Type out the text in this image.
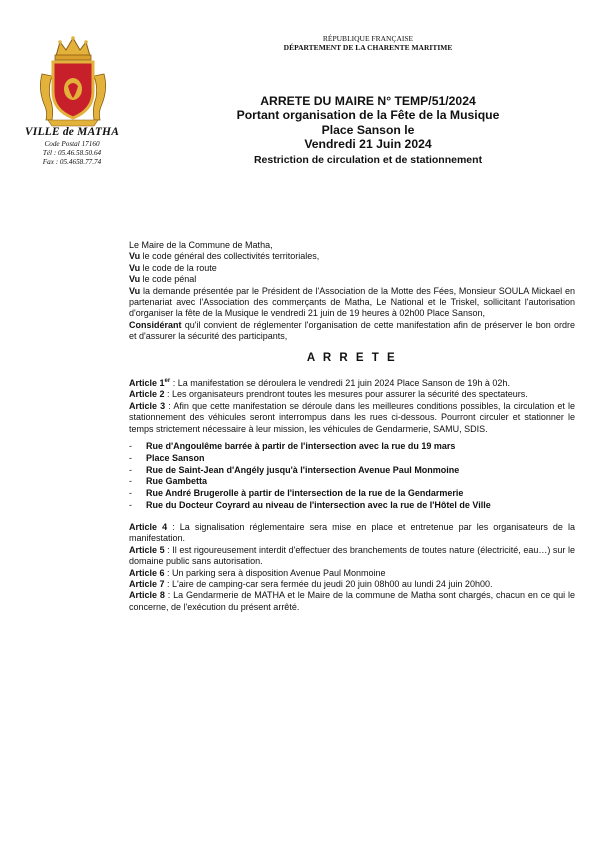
VILLE de MATHA
Code Postal 17160
Tél : 05.46.58.50.64
Fax : 05.4658.77.74
RÉPUBLIQUE FRANÇAISE
DÉPARTEMENT DE LA CHARENTE MARITIME
ARRETE DU MAIRE N° TEMP/51/2024
Portant organisation de la Fête de la Musique
Place Sanson le
Vendredi 21 Juin 2024
Restriction de circulation et de stationnement

Le Maire de la Commune de Matha,

Vu le code général des collectivités territoriales,

Vu le code de la route

Vu le code pénal

Vu la demande présentée par le Président de l'Association de la Motte des Fées, Monsieur SOULA Mickael en partenariat avec l'Association des commerçants de Matha, Le National et le Triskel, sollicitant l'autorisation d'organiser la fête de la Musique le vendredi 21 juin de 19 heures à 02h00 Place Sanson,

Considérant qu'il convient de réglementer l'organisation de cette manifestation afin de préserver le bon ordre et d'assurer la sécurité des participants,

A R R E T E

Article 1er : La manifestation se déroulera le vendredi 21 juin 2024 Place Sanson de 19h à 02h.

Article 2 : Les organisateurs prendront toutes les mesures pour assurer la sécurité des spectateurs.

Article 3 : Afin que cette manifestation se déroule dans les meilleures conditions possibles, la circulation et le stationnement des véhicules seront interrompus dans les rues ci-dessous. Pourront circuler et stationner le temps strictement nécessaire à leur mission, les véhicules de Gendarmerie, SAMU, SDIS.

- Rue d'Angoulême barrée à partir de l'intersection avec la rue du 19 mars
- Place Sanson
- Rue de Saint-Jean d'Angély jusqu'à l'intersection Avenue Paul Monmoine
- Rue Gambetta
- Rue André Brugerolle à partir de l'intersection de la rue de la Gendarmerie
- Rue du Docteur Coyrard au niveau de l'intersection avec la rue de l'Hôtel de Ville

Article 4 : La signalisation réglementaire sera mise en place et entretenue par les organisateurs de la manifestation.

Article 5 : Il est rigoureusement interdit d'effectuer des branchements de toutes nature (électricité, eau…) sur le domaine public sans autorisation.

Article 6 : Un parking sera à disposition Avenue Paul Monmoine

Article 7 : L'aire de camping-car sera fermée du jeudi 20 juin 08h00 au lundi 24 juin 20h00.

Article 8 : La Gendarmerie de MATHA et le Maire de la commune de Matha sont chargés, chacun en ce qui le concerne, de l'exécution du présent arrêté.
